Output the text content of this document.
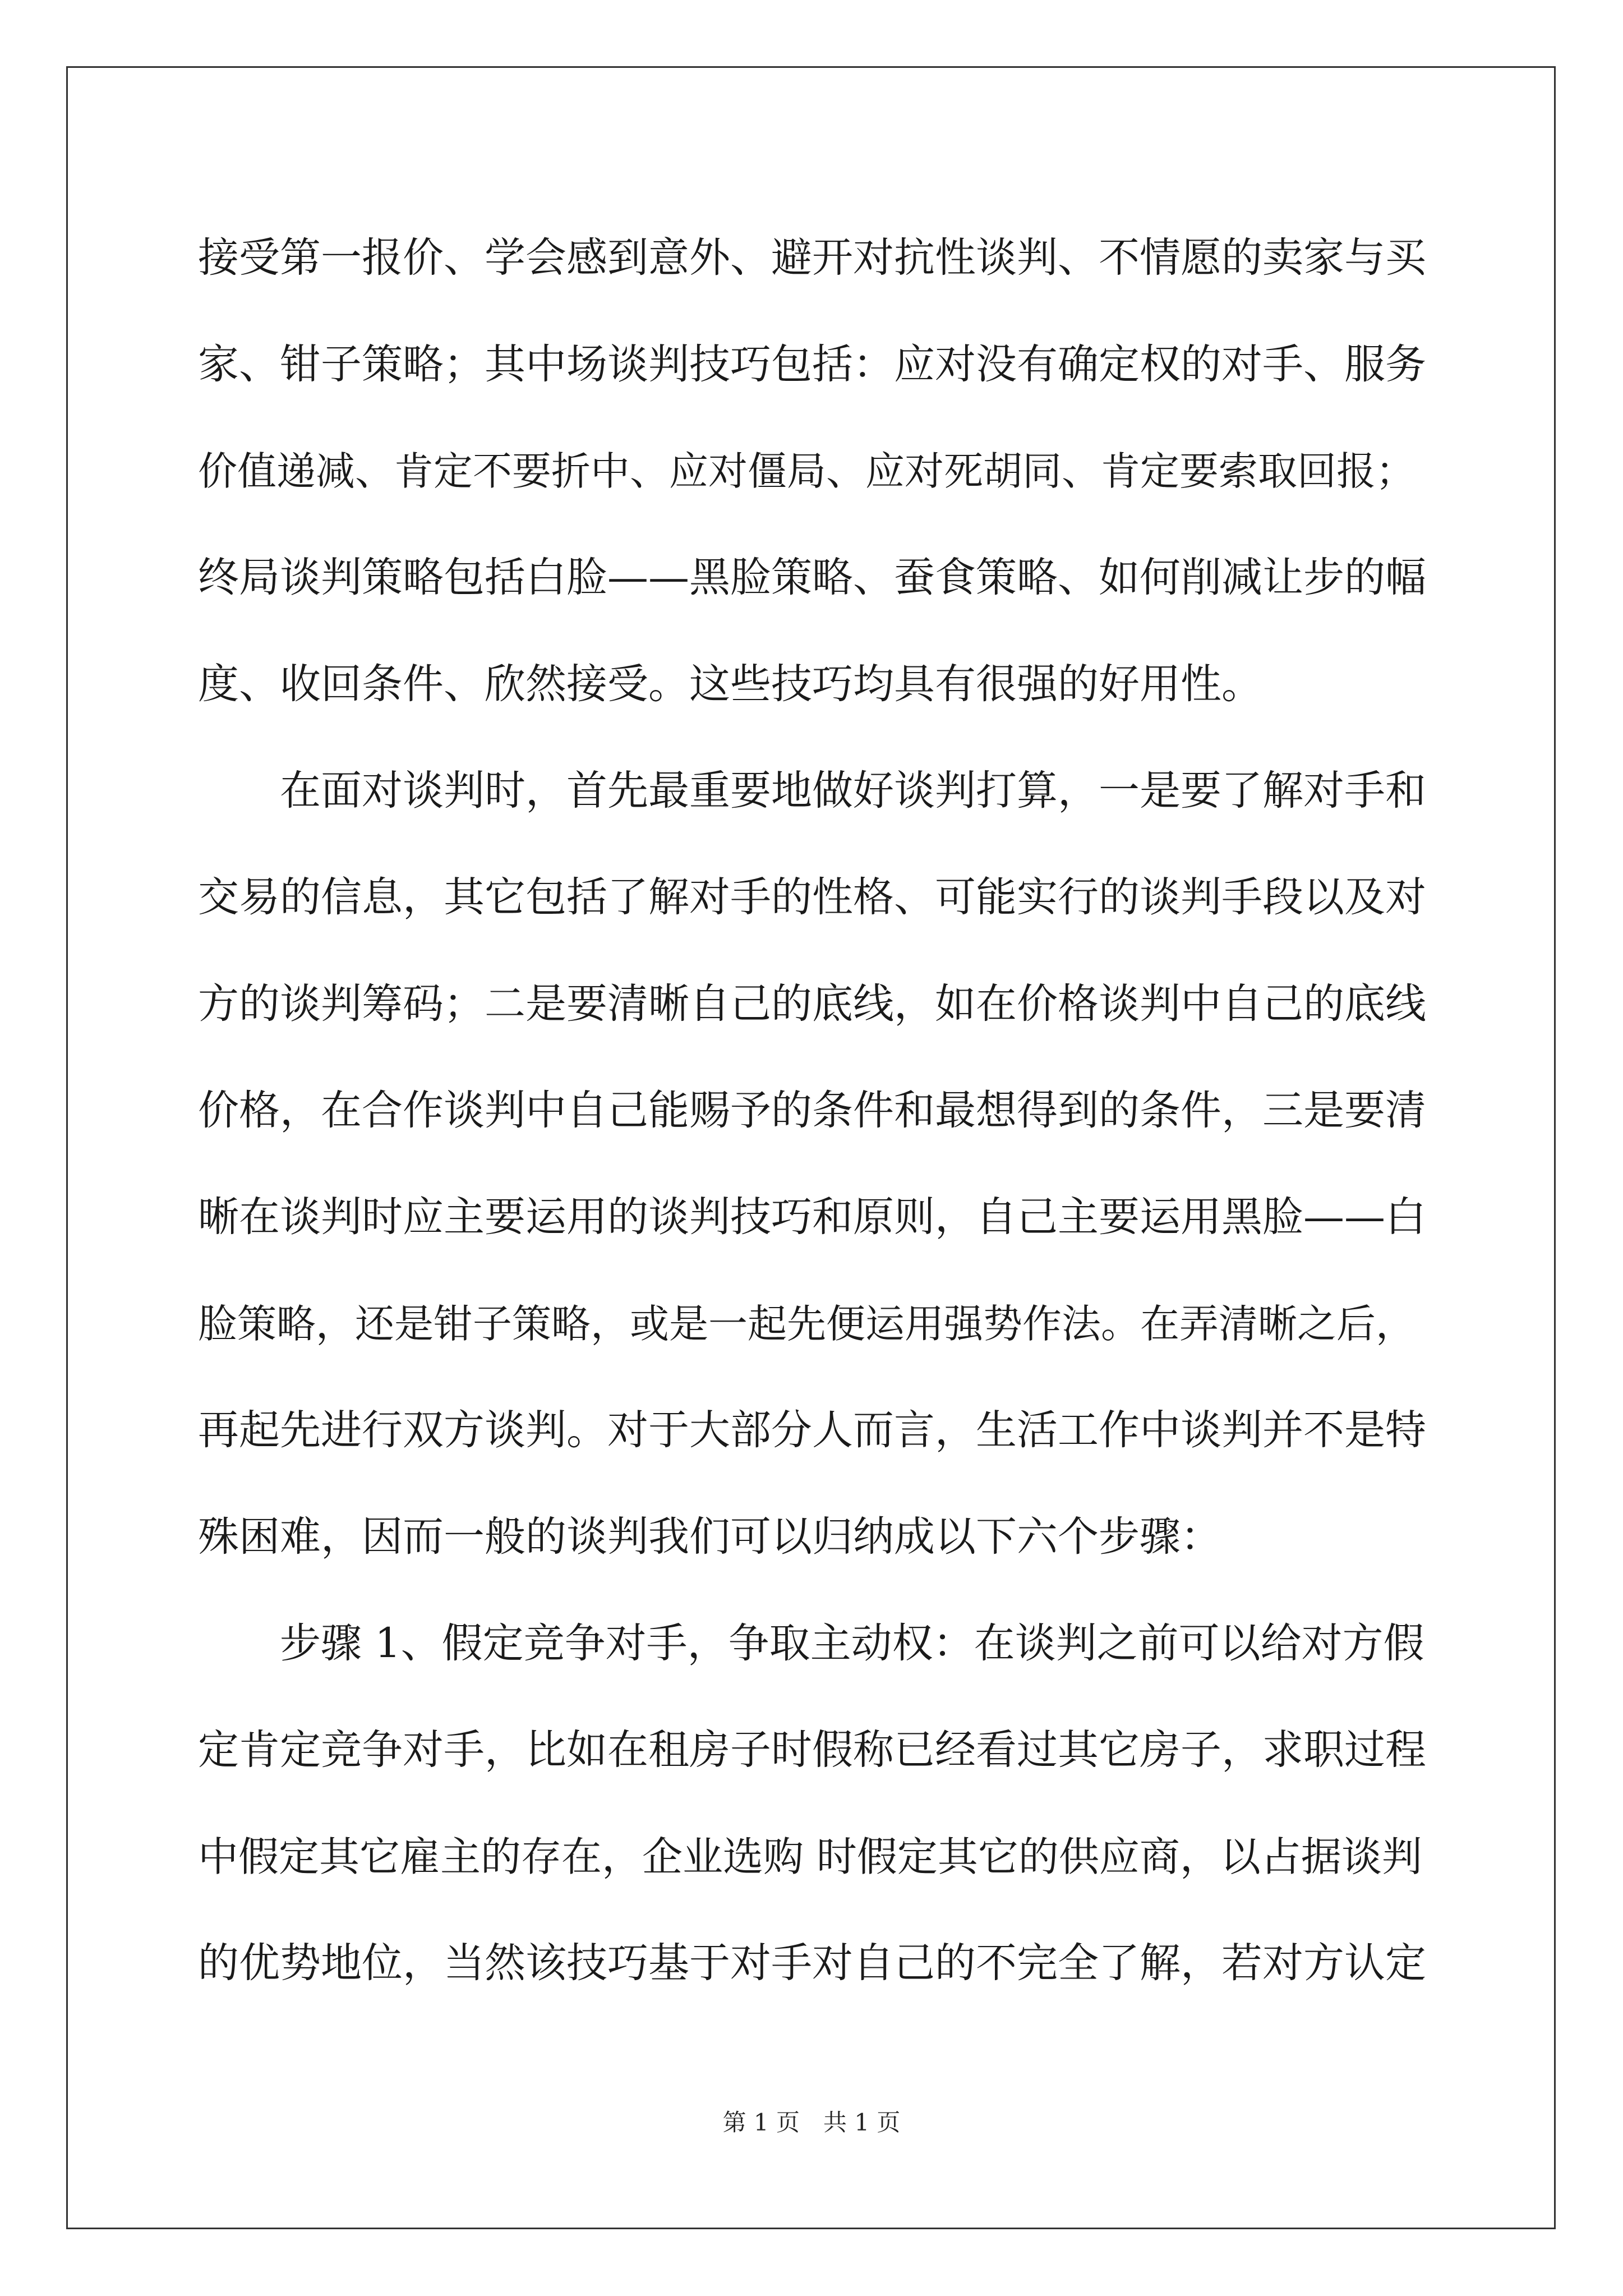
接受第一报价、学会感到意外、避开对抗性谈判、不情愿的卖家与买
家、钳子策略；其中场谈判技巧包括：应对没有确定权的对手、服务
价值递减、肯定不要折中、应对僵局、应对死胡同、肯定要索取回报；
终局谈判策略包括白脸——黑脸策略、蚕食策略、如何削减让步的幅
度、收回条件、欣然接受。这些技巧均具有很强的好用性。
在面对谈判时，首先最重要地做好谈判打算，一是要了解对手和
交易的信息，其它包括了解对手的性格、可能实行的谈判手段以及对
方的谈判筹码；二是要清晰自己的底线，如在价格谈判中自己的底线
价格，在合作谈判中自己能赐予的条件和最想得到的条件，三是要清
晰在谈判时应主要运用的谈判技巧和原则，自己主要运用黑脸——白
脸策略，还是钳子策略，或是一起先便运用强势作法。在弄清晰之后，
再起先进行双方谈判。对于大部分人而言，生活工作中谈判并不是特
殊困难，因而一般的谈判我们可以归纳成以下六个步骤：
步骤 1、假定竞争对手，争取主动权：在谈判之前可以给对方假
定肯定竞争对手，比如在租房子时假称已经看过其它房子，求职过程
中假定其它雇主的存在，企业选购 时假定其它的供应商，以占据谈判
的优势地位，当然该技巧基于对手对自己的不完全了解，若对方认定
第 1 页 共 1 页
